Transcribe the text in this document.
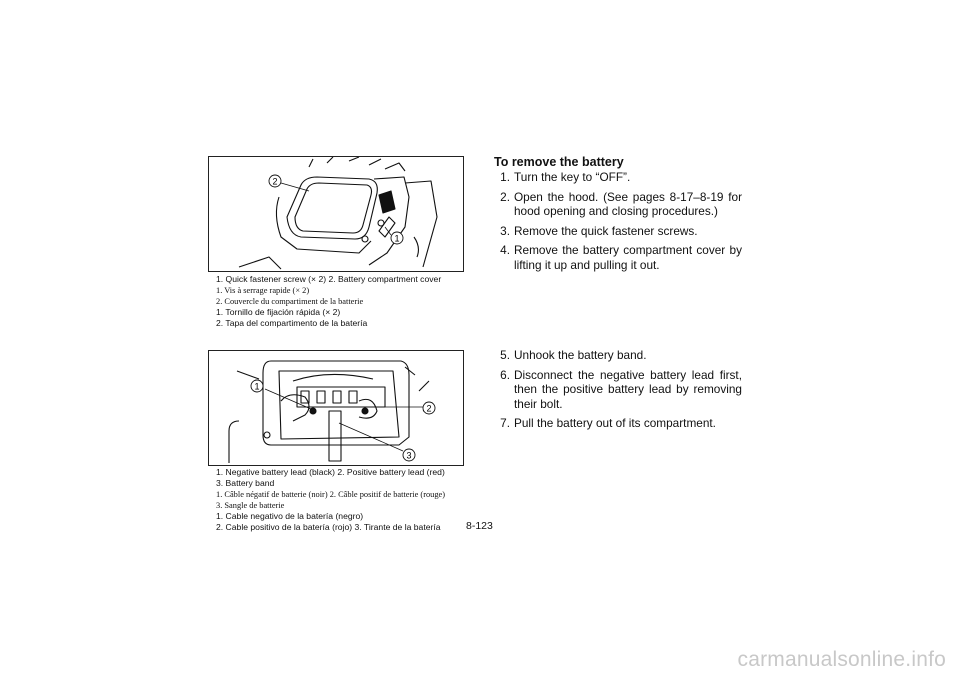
2
1
1. Quick fastener screw (× 2) 2. Battery compartment cover
1. Vis à serrage rapide (× 2)
2. Couvercle du compartiment de la batterie
1. Tornillo de fijación rápida (× 2)
2. Tapa del compartimento de la batería
1
2
3
1. Negative battery lead (black) 2. Positive battery lead (red)
3. Battery band
1. Câble négatif de batterie (noir) 2. Câble positif de batterie (rouge)
3. Sangle de batterie
1. Cable negativo de la batería (negro)
2. Cable positivo de la batería (rojo) 3. Tirante de la batería
To remove the battery
1. Turn the key to “OFF”.
2. Open the hood. (See pages 8-17–8-19 for hood opening and closing procedures.)
3. Remove the quick fastener screws.
4. Remove the battery compartment cover by lifting it up and pulling it out.
5. Unhook the battery band.
6. Disconnect the negative battery lead first, then the positive battery lead by removing their bolt.
7. Pull the battery out of its compartment.
8-123
carmanualsonline.info
